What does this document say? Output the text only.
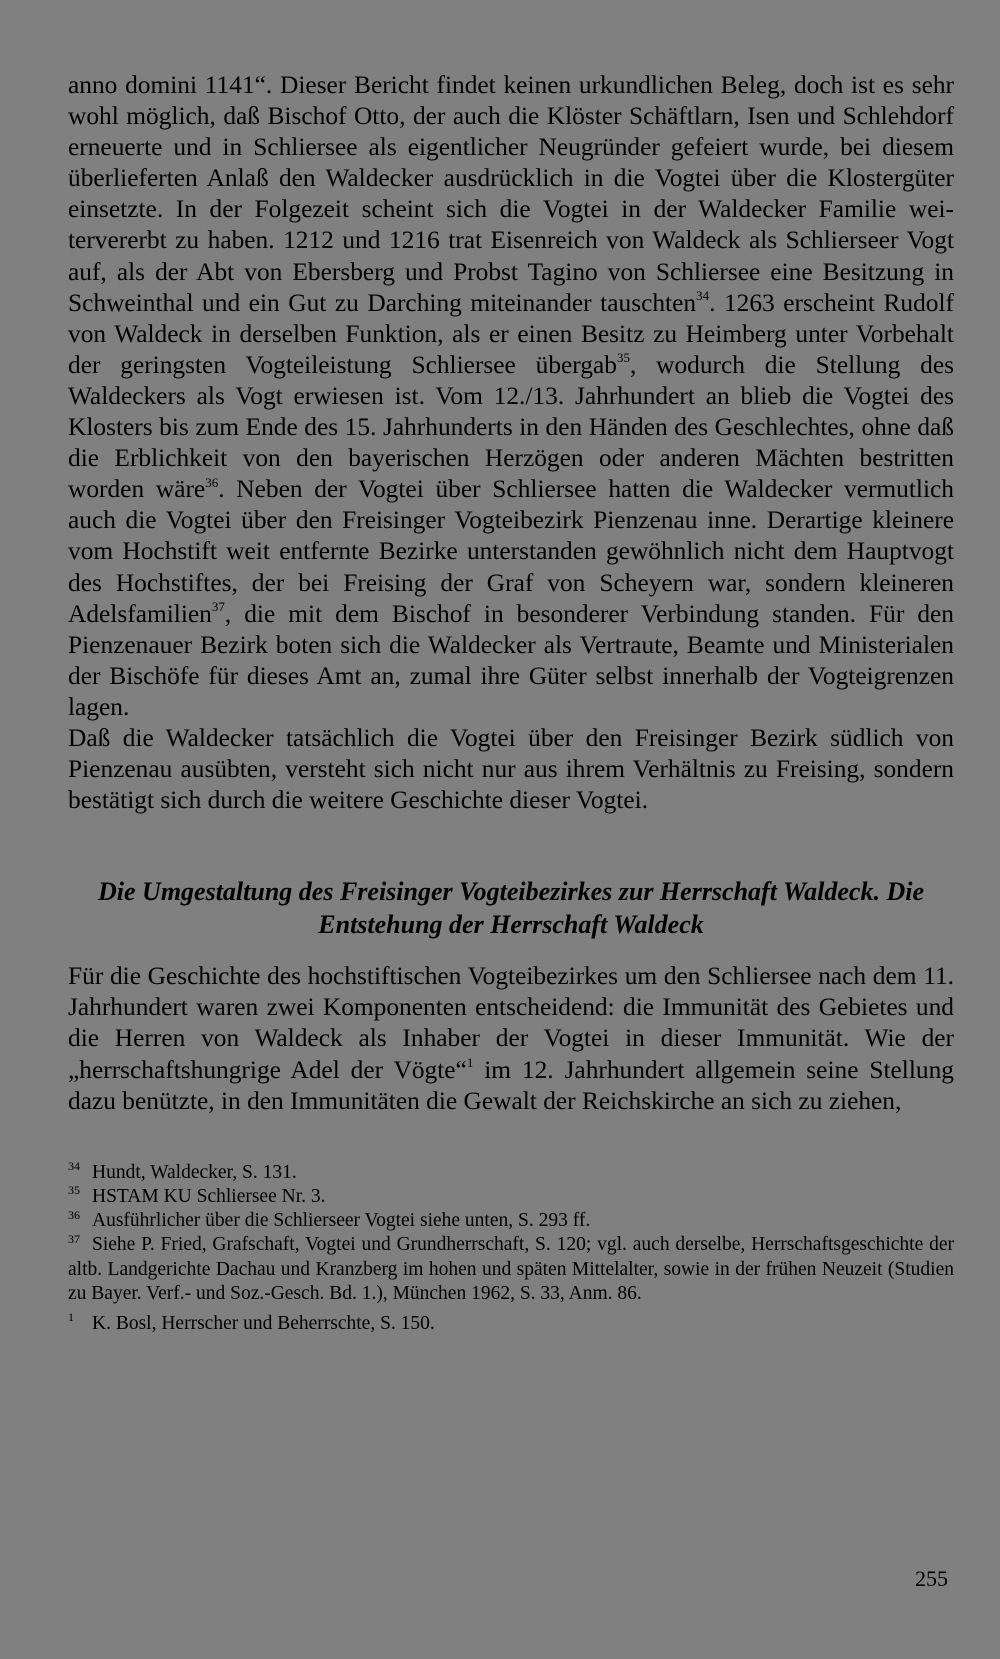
anno domini 1141“. Dieser Bericht findet keinen urkundlichen Beleg, doch ist es sehr wohl möglich, daß Bischof Otto, der auch die Klöster Schäftlarn, Isen und Schlehdorf erneuerte und in Schliersee als eigentlicher Neugründer gefeiert wurde, bei diesem überlieferten Anlaß den Waldecker ausdrücklich in die Vogtei über die Klostergüter einsetzte. In der Folgezeit scheint sich die Vogtei in der Waldecker Familie weitervererbt zu haben. 1212 und 1216 trat Eisenreich von Waldeck als Schlierseer Vogt auf, als der Abt von Ebersberg und Probst Tagino von Schliersee eine Besitzung in Schweinthal und ein Gut zu Darching miteinander tauschten$^{34}$. 1263 erscheint Rudolf von Waldeck in derselben Funktion, als er einen Besitz zu Heimberg unter Vorbehalt der geringsten Vogteileistung Schliersee übergab$^{35}$, wodurch die Stellung des Waldeckers als Vogt erwiesen ist. Vom 12./13. Jahrhundert an blieb die Vogtei des Klosters bis zum Ende des 15. Jahrhunderts in den Händen des Geschlechtes, ohne daß die Erblichkeit von den bayerischen Herzögen oder anderen Mächten bestritten worden wäre$^{36}$. Neben der Vogtei über Schliersee hatten die Waldecker vermutlich auch die Vogtei über den Freisinger Vogteibezirk Pienzenau inne. Derartige kleinere vom Hochstift weit entfernte Bezirke unterstanden gewöhnlich nicht dem Hauptvogt des Hochstiftes, der bei Freising der Graf von Scheyern war, sondern kleineren Adelsfamilien$^{37}$, die mit dem Bischof in besonderer Verbindung standen. Für den Pienzenauer Bezirk boten sich die Waldecker als Vertraute, Beamte und Ministerialen der Bischöfe für dieses Amt an, zumal ihre Güter selbst innerhalb der Vogteigrenzen lagen.

Daß die Waldecker tatsächlich die Vogtei über den Freisinger Bezirk südlich von Pienzenau ausübten, versteht sich nicht nur aus ihrem Verhältnis zu Freising, sondern bestätigt sich durch die weitere Geschichte dieser Vogtei.

Die Umgestaltung des Freisinger Vogteibezirkes zur Herrschaft Waldeck. Die Entstehung der Herrschaft Waldeck

Für die Geschichte des hochstiftischen Vogteibezirkes um den Schliersee nach dem 11. Jahrhundert waren zwei Komponenten entscheidend: die Immunität des Gebietes und die Herren von Waldeck als Inhaber der Vogtei in dieser Immunität. Wie der „herrschaftshungrige Adel der Vögte“$^1$ im 12. Jahrhundert allgemein seine Stellung dazu benützte, in den Immunitäten die Gewalt der Reichskirche an sich zu ziehen,

34 Hundt, Waldecker, S. 131.

35 HSTAM KU Schliersee Nr. 3.

36 Ausführlicher über die Schlierseer Vogtei siehe unten, S. 293 ff.

37 Siehe P. Fried, Grafschaft, Vogtei und Grundherrschaft, S. 120; vgl. auch derselbe, Herrschaftsgeschichte der altb. Landgerichte Dachau und Kranzberg im hohen und späten Mittelalter, sowie in der frühen Neuzeit (Studien zu Bayer. Verf.- und Soz.-Gesch. Bd. 1.), München 1962, S. 33, Anm. 86.

1 K. Bosl, Herrscher und Beherrschte, S. 150.

255
